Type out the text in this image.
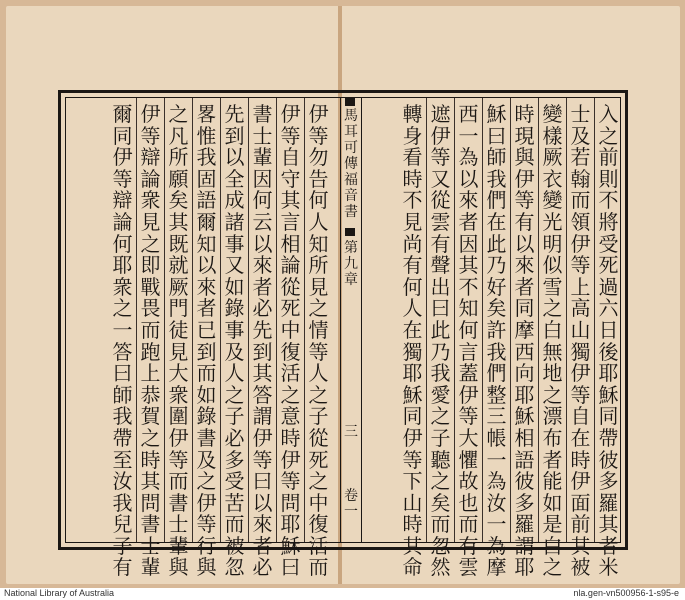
入
之
前
則
不
將
受
死
過
六
日
後
耶
穌
同
帶
彼
多
羅
其
者
米
士
及
若
翰
而
領
伊
等
上
高
山
獨
伊
等
自
在
時
伊
面
前
其
被
變
樣
厥
衣
變
光
明
似
雪
之
白
無
地
之
漂
布
者
能
如
是
白
之
時
現
與
伊
等
有
以
來
者
同
摩
西
向
耶
穌
相
語
彼
多
羅
謂
耶
穌
曰
師
我
們
在
此
乃
好
矣
許
我
們
整
三
帳
一
為
汝
一
為
摩
西
一
為
以
來
者
因
其
不
知
何
言
蓋
伊
等
大
懼
故
也
而
有
雲
遮
伊
等
又
從
雲
有
聲
出
曰
此
乃
我
愛
之
子
聽
之
矣
而
忽
然
轉
身
看
時
不
見
尚
有
何
人
在
獨
耶
穌
同
伊
等
下
山
時
其
命
伊
等
勿
告
何
人
知
所
見
之
情
等
人
之
子
從
死
之
中
復
活
而
伊
等
自
守
其
言
相
論
從
死
中
復
活
之
意
時
伊
等
問
耶
穌
曰
書
士
輩
因
何
云
以
來
者
必
先
到
其
答
謂
伊
等
曰
以
來
者
必
先
到
以
全
成
諸
事
又
如
錄
事
及
人
之
子
必
多
受
苦
而
被
忽
畧
惟
我
固
語
爾
知
以
來
者
已
到
而
如
錄
書
及
之
伊
等
行
與
之
凡
所
願
矣
其
既
就
厥
門
徒
見
大
衆
圍
伊
等
而
書
士
輩
與
伊
等
辯
論
衆
見
之
即
戰
畏
而
跑
上
恭
賀
之
時
其
問
書
士
輩
爾
同
伊
等
辯
論
何
耶
衆
之
一
答
曰
師
我
帶
至
汝
我
兒
子
有
馬
耳
可
傳
福
音
書
第
九
章
三
卷
一
National Library of Australia	nla.gen-vn500956-1-s95-e
